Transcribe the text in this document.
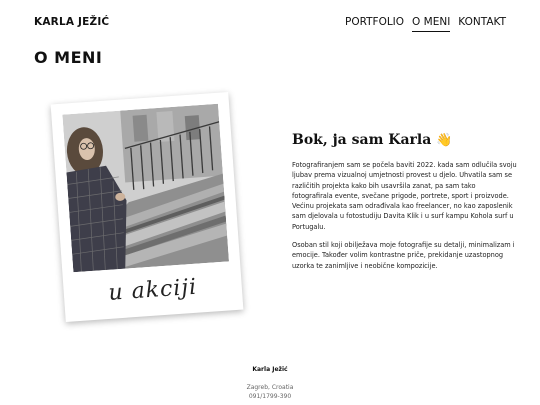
KARLA JEŽIĆ	PORTFOLIO O MENI KONTAKT
O MENI
u akciji
Bok, ja sam Karla 👋

Fotografiranjem sam se počela baviti 2022. kada sam odlučila svoju ljubav prema vizualnoj umjetnosti provest u djelo. Uhvatila sam se različitih projekta kako bih usavršila zanat, pa sam tako fotografirala evente, svečane prigode, portrete, sport i proizvode. Većinu projekata sam odrađivala kao freelancer, no kao zaposlenik sam djelovala u fotostudiju Davita Klik i u surf kampu Kohola surf u Portugalu.

Osoban stil koji obilježava moje fotografije su detalji, minimalizam i emocije. Također volim kontrastne priče, prekidanje uzastopnog uzorka te zanimljive i neobične kompozicije.

Karla Ježić
Zagreb, Croatia
091/1799-390
